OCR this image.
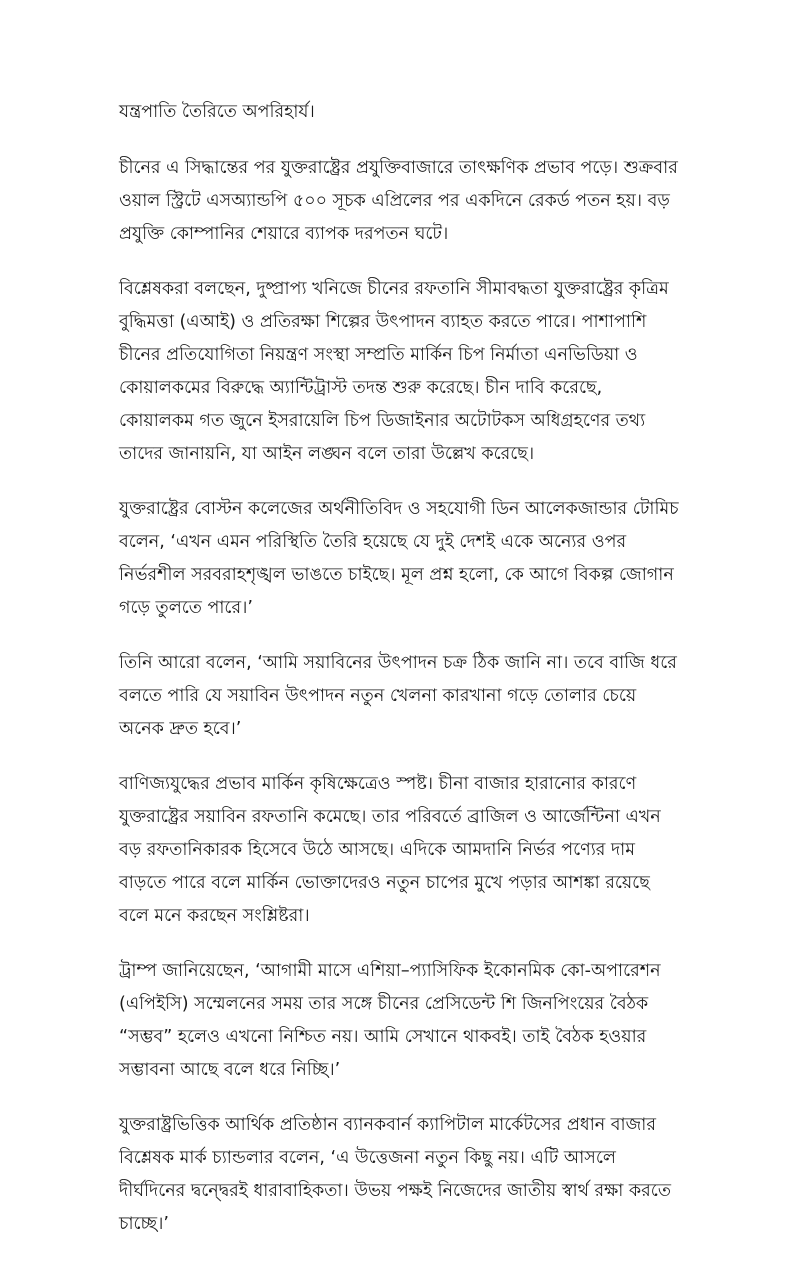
যন্ত্রপাতি তৈরিতে অপরিহার্য।

চীনের এ সিদ্ধান্তের পর যুক্তরাষ্ট্রের প্রযুক্তিবাজারে তাৎক্ষণিক প্রভাব পড়ে। শুক্রবার ওয়াল স্ট্রিটে এসঅ্যান্ডপি ৫০০ সূচক এপ্রিলের পর একদিনে রেকর্ড পতন হয়। বড় প্রযুক্তি কোম্পানির শেয়ারে ব্যাপক দরপতন ঘটে।

বিশ্লেষকরা বলছেন, দুষ্প্রাপ্য খনিজে চীনের রফতানি সীমাবদ্ধতা যুক্তরাষ্ট্রের কৃত্রিম বুদ্ধিমত্তা (এআই) ও প্রতিরক্ষা শিল্পের উৎপাদন ব্যাহত করতে পারে। পাশাপাশি চীনের প্রতিযোগিতা নিয়ন্ত্রণ সংস্থা সম্প্রতি মার্কিন চিপ নির্মাতা এনভিডিয়া ও কোয়ালকমের বিরুদ্ধে অ্যান্টিট্রাস্ট তদন্ত শুরু করেছে। চীন দাবি করেছে, কোয়ালকম গত জুনে ইসরায়েলি চিপ ডিজাইনার অটোটকস অধিগ্রহণের তথ্য তাদের জানায়নি, যা আইন লঙ্ঘন বলে তারা উল্লেখ করেছে।

যুক্তরাষ্ট্রের বোস্টন কলেজের অর্থনীতিবিদ ও সহযোগী ডিন আলেকজান্ডার টোমিচ বলেন, ‘এখন এমন পরিস্থিতি তৈরি হয়েছে যে দুই দেশই একে অন্যের ওপর নির্ভরশীল সরবরাহশৃঙ্খল ভাঙতে চাইছে। মূল প্রশ্ন হলো, কে আগে বিকল্প জোগান গড়ে তুলতে পারে।’

তিনি আরো বলেন, ‘আমি সয়াবিনের উৎপাদন চক্র ঠিক জানি না। তবে বাজি ধরে বলতে পারি যে সয়াবিন উৎপাদন নতুন খেলনা কারখানা গড়ে তোলার চেয়ে অনেক দ্রুত হবে।’

বাণিজ্যযুদ্ধের প্রভাব মার্কিন কৃষিক্ষেত্রেও স্পষ্ট। চীনা বাজার হারানোর কারণে যুক্তরাষ্ট্রের সয়াবিন রফতানি কমেছে। তার পরিবর্তে ব্রাজিল ও আর্জেন্টিনা এখন বড় রফতানিকারক হিসেবে উঠে আসছে। এদিকে আমদানি নির্ভর পণ্যের দাম বাড়তে পারে বলে মার্কিন ভোক্তাদেরও নতুন চাপের মুখে পড়ার আশঙ্কা রয়েছে বলে মনে করছেন সংশ্লিষ্টরা।

ট্রাম্প জানিয়েছেন, ‘আগামী মাসে এশিয়া–প্যাসিফিক ইকোনমিক কো-অপারেশন (এপিইসি) সম্মেলনের সময় তার সঙ্গে চীনের প্রেসিডেন্ট শি জিনপিংয়ের বৈঠক “সম্ভব” হলেও এখনো নিশ্চিত নয়। আমি সেখানে থাকবই। তাই বৈঠক হওয়ার সম্ভাবনা আছে বলে ধরে নিচ্ছি।’

যুক্তরাষ্ট্রভিত্তিক আর্থিক প্রতিষ্ঠান ব্যানকবার্ন ক্যাপিটাল মার্কেটসের প্রধান বাজার বিশ্লেষক মার্ক চ্যান্ডলার বলেন, ‘এ উত্তেজনা নতুন কিছু নয়। এটি আসলে দীর্ঘদিনের দ্বন্দ্বেরই ধারাবাহিকতা। উভয় পক্ষই নিজেদের জাতীয় স্বার্থ রক্ষা করতে চাচ্ছে।’
